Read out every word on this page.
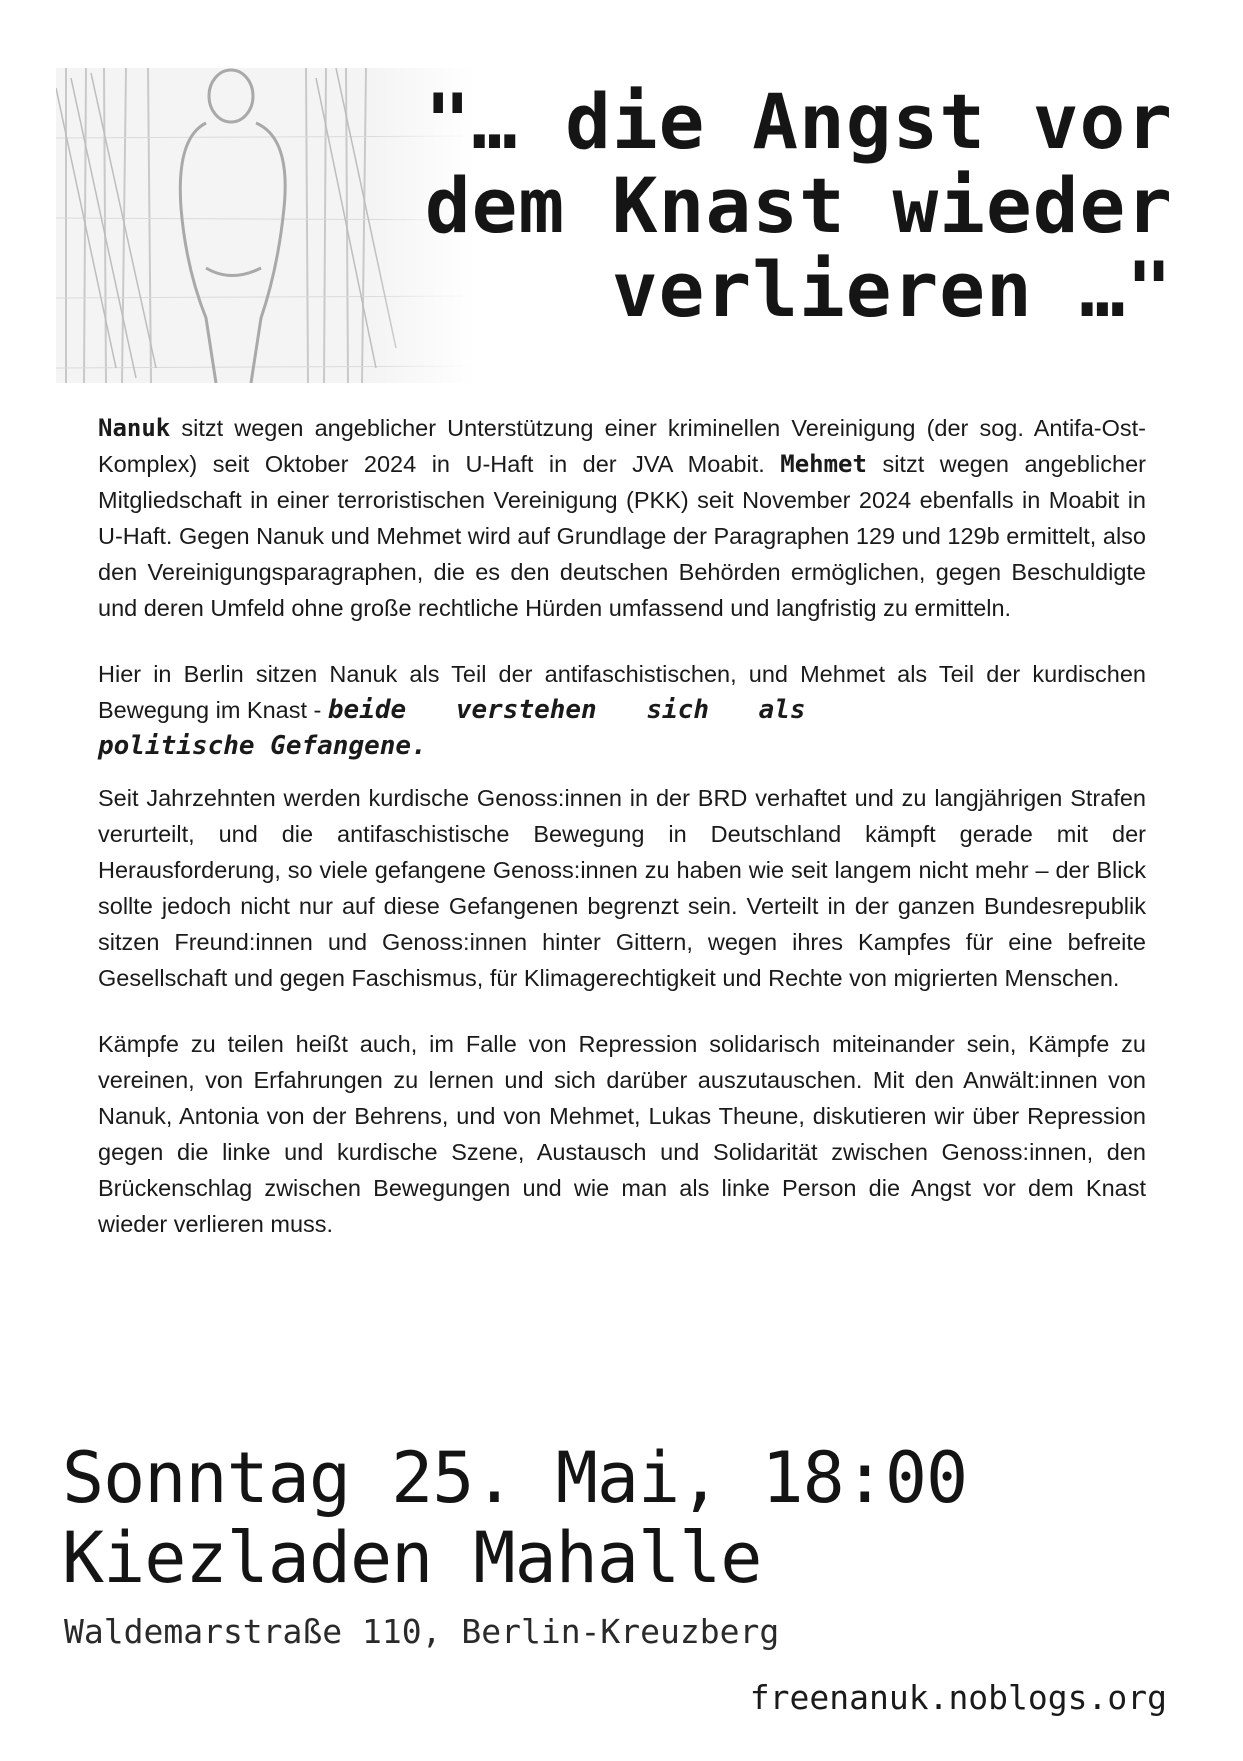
"… die Angst vor
dem Knast wieder
verlieren …"

Nanuk sitzt wegen angeblicher Unterstützung einer kriminellen Vereinigung (der sog. Antifa-Ost-Komplex) seit Oktober 2024 in U-Haft in der JVA Moabit. Mehmet sitzt wegen angeblicher Mitgliedschaft in einer terroristischen Vereinigung (PKK) seit November 2024 ebenfalls in Moabit in U-Haft. Gegen Nanuk und Mehmet wird auf Grundlage der Paragraphen 129 und 129b ermittelt, also den Vereinigungsparagraphen, die es den deutschen Behörden ermöglichen, gegen Beschuldigte und deren Umfeld ohne große rechtliche Hürden umfassend und langfristig zu ermitteln.

Hier in Berlin sitzen Nanuk als Teil der antifaschistischen, und Mehmet als Teil der kurdischen Bewegung im Knast - beide verstehen sich als
politische Gefangene.

Seit Jahrzehnten werden kurdische Genoss:innen in der BRD verhaftet und zu langjährigen Strafen verurteilt, und die antifaschistische Bewegung in Deutschland kämpft gerade mit der Herausforderung, so viele gefangene Genoss:innen zu haben wie seit langem nicht mehr – der Blick sollte jedoch nicht nur auf diese Gefangenen begrenzt sein. Verteilt in der ganzen Bundesrepublik sitzen Freund:innen und Genoss:innen hinter Gittern, wegen ihres Kampfes für eine befreite Gesellschaft und gegen Faschismus, für Klimagerechtigkeit und Rechte von migrierten Menschen.

Kämpfe zu teilen heißt auch, im Falle von Repression solidarisch miteinander sein, Kämpfe zu vereinen, von Erfahrungen zu lernen und sich darüber auszutauschen. Mit den Anwält:innen von Nanuk, Antonia von der Behrens, und von Mehmet, Lukas Theune, diskutieren wir über Repression gegen die linke und kurdische Szene, Austausch und Solidarität zwischen Genoss:innen, den Brückenschlag zwischen Bewegungen und wie man als linke Person die Angst vor dem Knast wieder verlieren muss.

Sonntag 25. Mai, 18:00
Kiezladen Mahalle
Waldemarstraße 110, Berlin-Kreuzberg
freenanuk.noblogs.org
